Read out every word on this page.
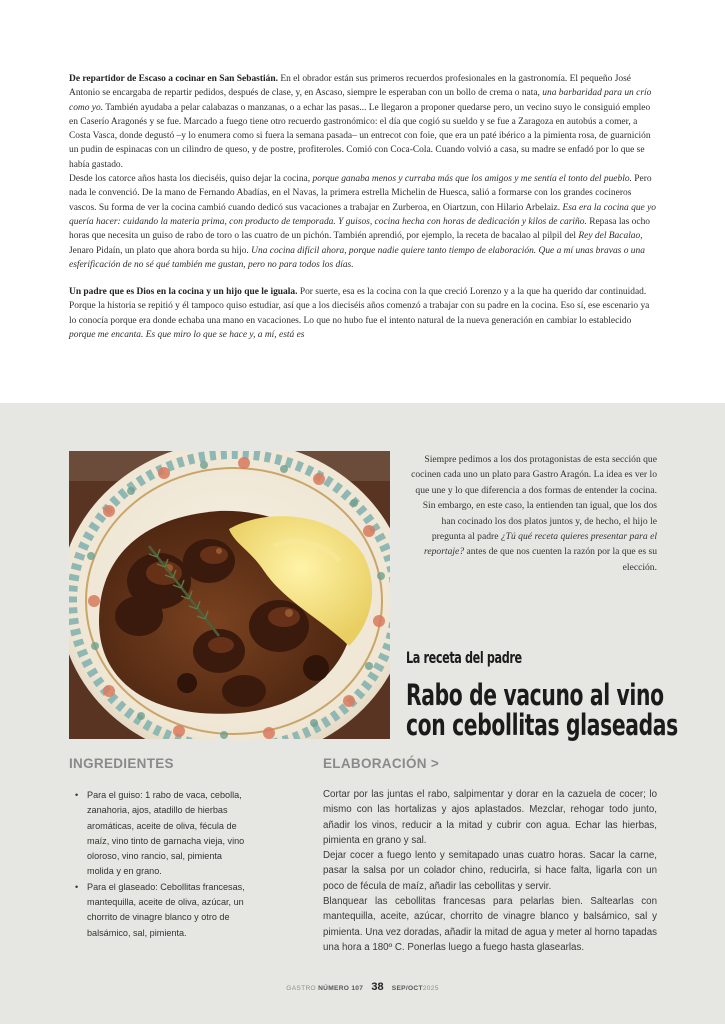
De repartidor de Escaso a cocinar en San Sebastián. En el obrador están sus primeros recuerdos profesionales en la gastronomía. El pequeño José Antonio se encargaba de repartir pedidos, después de clase, y, en Ascaso, siempre le esperaban con un bollo de crema o nata, una barbaridad para un crío como yo. También ayudaba a pelar calabazas o manzanas, o a echar las pasas... Le llegaron a proponer quedarse pero, un vecino suyo le consiguió empleo en Caserío Aragonés y se fue. Marcado a fuego tiene otro recuerdo gastronómico: el día que cogió su sueldo y se fue a Zaragoza en autobús a comer, a Costa Vasca, donde degustó –y lo enumera como si fuera la semana pasada– un entrecot con foie, que era un paté ibérico a la pimienta rosa, de guarnición un pudin de espinacas con un cilindro de queso, y de postre, profiteroles. Comió con Coca-Cola. Cuando volvió a casa, su madre se enfadó por lo que se había gastado.

Desde los catorce años hasta los dieciséis, quiso dejar la cocina, porque ganaba menos y curraba más que los amigos y me sentía el tonto del pueblo. Pero nada le convenció. De la mano de Fernando Abadías, en el Navas, la primera estrella Michelin de Huesca, salió a formarse con los grandes cocineros vascos. Su forma de ver la cocina cambió cuando dedicó sus vacaciones a trabajar en Zurberoa, en Oiartzun, con Hilario Arbelaiz. Esa era la cocina que yo quería hacer: cuidando la materia prima, con producto de temporada. Y guisos, cocina hecha con horas de dedicación y kilos de cariño. Repasa las ocho horas que necesita un guiso de rabo de toro o las cuatro de un pichón. También aprendió, por ejemplo, la receta de bacalao al pilpil del Rey del Bacalao, Jenaro Pidaín, un plato que ahora borda su hijo. Una cocina difícil ahora, porque nadie quiere tanto tiempo de elaboración. Que a mí unas bravas o una esferificación de no sé qué también me gustan, pero no para todos los días.

Un padre que es Dios en la cocina y un hijo que le iguala. Por suerte, esa es la cocina con la que creció Lorenzo y a la que ha querido dar continuidad. Porque la historia se repitió y él tampoco quiso estudiar, así que a los dieciséis años comenzó a trabajar con su padre en la cocina. Eso sí, ese escenario ya lo conocía porque era donde echaba una mano en vacaciones. Lo que no hubo fue el intento natural de la nueva generación en cambiar lo establecido porque me encanta. Es que miro lo que se hace y, a mí, está es

Siempre pedimos a los dos protagonistas de esta sección que cocinen cada uno un plato para Gastro Aragón. La idea es ver lo que une y lo que diferencia a dos formas de entender la cocina. Sin embargo, en este caso, la entienden tan igual, que los dos han cocinado los dos platos juntos y, de hecho, el hijo le pregunta al padre ¿Tú qué receta quieres presentar para el reportaje? antes de que nos cuenten la razón por la que es su elección.

La receta del padre
Rabo de vacuno al vino
con cebollitas glaseadas
INGREDIENTES	ELABORACIÓN >
• Para el guiso: 1 rabo de vaca, cebolla, zanahoria, ajos, atadillo de hierbas aromáticas, aceite de oliva, fécula de maíz, vino tinto de garnacha vieja, vino oloroso, vino rancio, sal, pimienta molida y en grano.
• Para el glaseado: Cebollitas francesas, mantequilla, aceite de oliva, azúcar, un chorrito de vinagre blanco y otro de balsámico, sal, pimienta.

Cortar por las juntas el rabo, salpimentar y dorar en la cazuela de cocer; lo mismo con las hortalizas y ajos aplastados. Mezclar, rehogar todo junto, añadir los vinos, reducir a la mitad y cubrir con agua. Echar las hierbas, pimienta en grano y sal.

Dejar cocer a fuego lento y semitapado unas cuatro horas. Sacar la carne, pasar la salsa por un colador chino, reducirla, si hace falta, ligarla con un poco de fécula de maíz, añadir las cebollitas y servir.

Blanquear las cebollitas francesas para pelarlas bien. Saltearlas con mantequilla, aceite, azúcar, chorrito de vinagre blanco y balsámico, sal y pimienta. Una vez doradas, añadir la mitad de agua y meter al horno tapadas una hora a 180º C. Ponerlas luego a fuego hasta glasearlas.

GASTRO NÚMERO 107 38 SEP/OCT2025
